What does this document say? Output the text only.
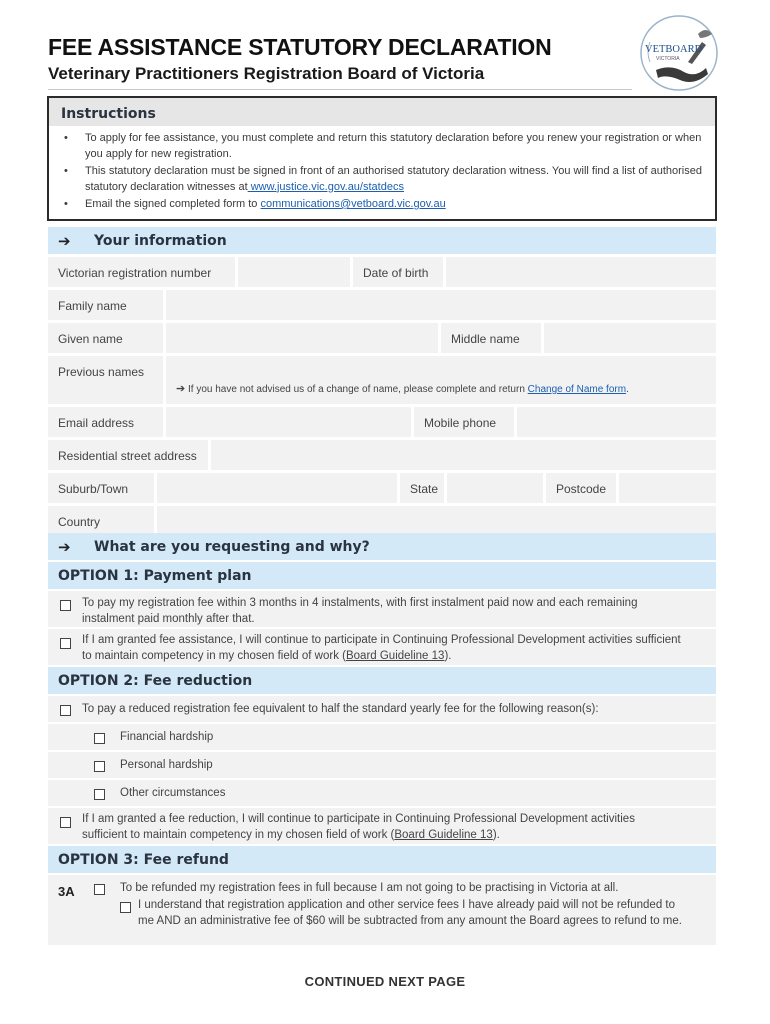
FEE ASSISTANCE STATUTORY DECLARATION
Veterinary Practitioners Registration Board of Victoria
VETBOARD
VICTORIA
Instructions
• To apply for fee assistance, you must complete and return this statutory declaration before you renew your registration or when you apply for new registration.
• This statutory declaration must be signed in front of an authorised statutory declaration witness. You will find a list of authorised statutory declaration witnesses at www.justice.vic.gov.au/statdecs
• Email the signed completed form to communications@vetboard.vic.gov.au
➔	Your information
Victorian registration number	Date of birth
Family name
Given name	Middle name
Previous names
➔ If you have not advised us of a change of name, please complete and return Change of Name form.
Email address	Mobile phone
Residential street address
Suburb/Town	State	Postcode
Country
➔	What are you requesting and why?
OPTION 1: Payment plan
To pay my registration fee within 3 months in 4 instalments, with first instalment paid now and each remaining instalment paid monthly after that.
If I am granted fee assistance, I will continue to participate in Continuing Professional Development activities sufficient to maintain competency in my chosen field of work (Board Guideline 13).
OPTION 2: Fee reduction
To pay a reduced registration fee equivalent to half the standard yearly fee for the following reason(s):
Financial hardship
Personal hardship
Other circumstances
If I am granted a fee reduction, I will continue to participate in Continuing Professional Development activities sufficient to maintain competency in my chosen field of work (Board Guideline 13).
OPTION 3: Fee refund
3A	To be refunded my registration fees in full because I am not going to be practising in Victoria at all.
I understand that registration application and other service fees I have already paid will not be refunded to me AND an administrative fee of $60 will be subtracted from any amount the Board agrees to refund to me.
CONTINUED NEXT PAGE
